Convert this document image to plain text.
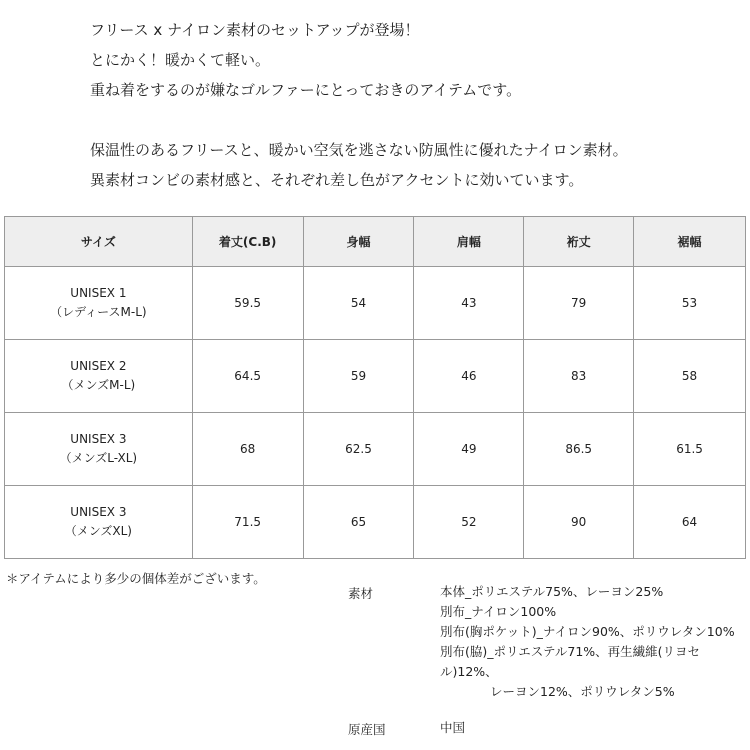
フリース x ナイロン素材のセットアップが登場！

とにかく！暖かくて軽い。

重ね着をするのが嫌なゴルファーにとっておきのアイテムです。

保温性のあるフリースと、暖かい空気を逃さない防風性に優れたナイロン素材。

異素材コンビの素材感と、それぞれ差し色がアクセントに効いています。

サイズ	着丈(C.B)	身幅	肩幅	裄丈	裾幅

UNISEX 1
（レディースM-L)	59.5	54	43	79	53

UNISEX 2
（メンズM-L)	64.5	59	46	83	58

UNISEX 3
（メンズL-XL)	68	62.5	49	86.5	61.5

UNISEX 3
（メンズXL)	71.5	65	52	90	64
＊アイテムにより多少の個体差がございます。
素材	本体_ポリエステル75%、レーヨン25%
別布_ナイロン100%
別布(胸ポケット)_ナイロン90%、ポリウレタン10%
別布(脇)_ポリエステル71%、再生繊維(リヨセル)12%、
　　　　レーヨン12%、ポリウレタン5%
原産国	中国
